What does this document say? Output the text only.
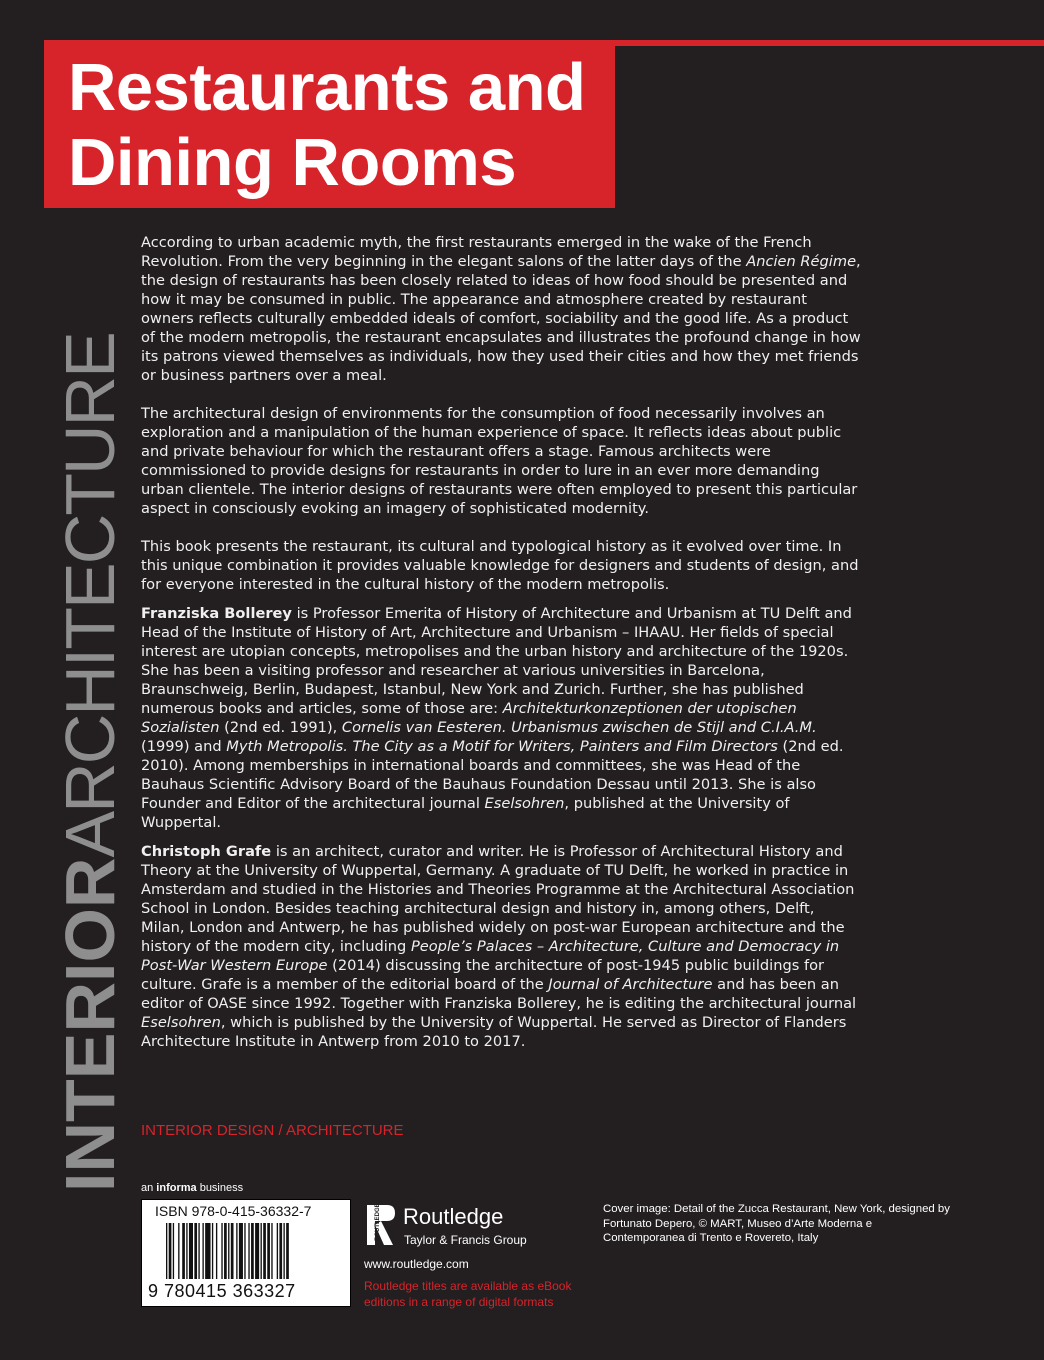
Restaurants and
Dining Rooms
INTERIORARCHITECTURE

According to urban academic myth, the first restaurants emerged in the wake of the French Revolution. From the very beginning in the elegant salons of the latter days of the Ancien Régime, the design of restaurants has been closely related to ideas of how food should be presented and how it may be consumed in public. The appearance and atmosphere created by restaurant owners reflects culturally embedded ideals of comfort, sociability and the good life. As a product of the modern metropolis, the restaurant encapsulates and illustrates the profound change in how its patrons viewed themselves as individuals, how they used their cities and how they met friends or business partners over a meal.

The architectural design of environments for the consumption of food necessarily involves an exploration and a manipulation of the human experience of space. It reflects ideas about public and private behaviour for which the restaurant offers a stage. Famous architects were commissioned to provide designs for restaurants in order to lure in an ever more demanding urban clientele. The interior designs of restaurants were often employed to present this particular aspect in consciously evoking an imagery of sophisticated modernity.

This book presents the restaurant, its cultural and typological history as it evolved over time. In this unique combination it provides valuable knowledge for designers and students of design, and for everyone interested in the cultural history of the modern metropolis.

Franziska Bollerey is Professor Emerita of History of Architecture and Urbanism at TU Delft and Head of the Institute of History of Art, Architecture and Urbanism – IHAAU. Her fields of special interest are utopian concepts, metropolises and the urban history and architecture of the 1920s. She has been a visiting professor and researcher at various universities in Barcelona, Braunschweig, Berlin, Budapest, Istanbul, New York and Zurich. Further, she has published numerous books and articles, some of those are: Architekturkonzeptionen der utopischen Sozialisten (2nd ed. 1991), Cornelis van Eesteren. Urbanismus zwischen de Stijl and C.I.A.M. (1999) and Myth Metropolis. The City as a Motif for Writers, Painters and Film Directors (2nd ed. 2010). Among memberships in international boards and committees, she was Head of the Bauhaus Scientific Advisory Board of the Bauhaus Foundation Dessau until 2013. She is also Founder and Editor of the architectural journal Eselsohren, published at the University of Wuppertal.

Christoph Grafe is an architect, curator and writer. He is Professor of Architectural History and Theory at the University of Wuppertal, Germany. A graduate of TU Delft, he worked in practice in Amsterdam and studied in the Histories and Theories Programme at the Architectural Association School in London. Besides teaching architectural design and history in, among others, Delft, Milan, London and Antwerp, he has published widely on post-war European architecture and the history of the modern city, including People’s Palaces – Architecture, Culture and Democracy in Post-War Western Europe (2014) discussing the architecture of post-1945 public buildings for culture. Grafe is a member of the editorial board of the Journal of Architecture and has been an editor of OASE since 1992. Together with Franziska Bollerey, he is editing the architectural journal Eselsohren, which is published by the University of Wuppertal. He served as Director of Flanders Architecture Institute in Antwerp from 2010 to 2017.

INTERIOR DESIGN / ARCHITECTURE
an informa business
ISBN 978-0-415-36332-7
9 780415 363327
ROUTLEDGE Routledge
Taylor & Francis Group
www.routledge.com
Routledge titles are available as eBook editions in a range of digital formats
Cover image: Detail of the Zucca Restaurant, New York, designed by Fortunato Depero, © MART, Museo d’Arte Moderna e Contemporanea di Trento e Rovereto, Italy
